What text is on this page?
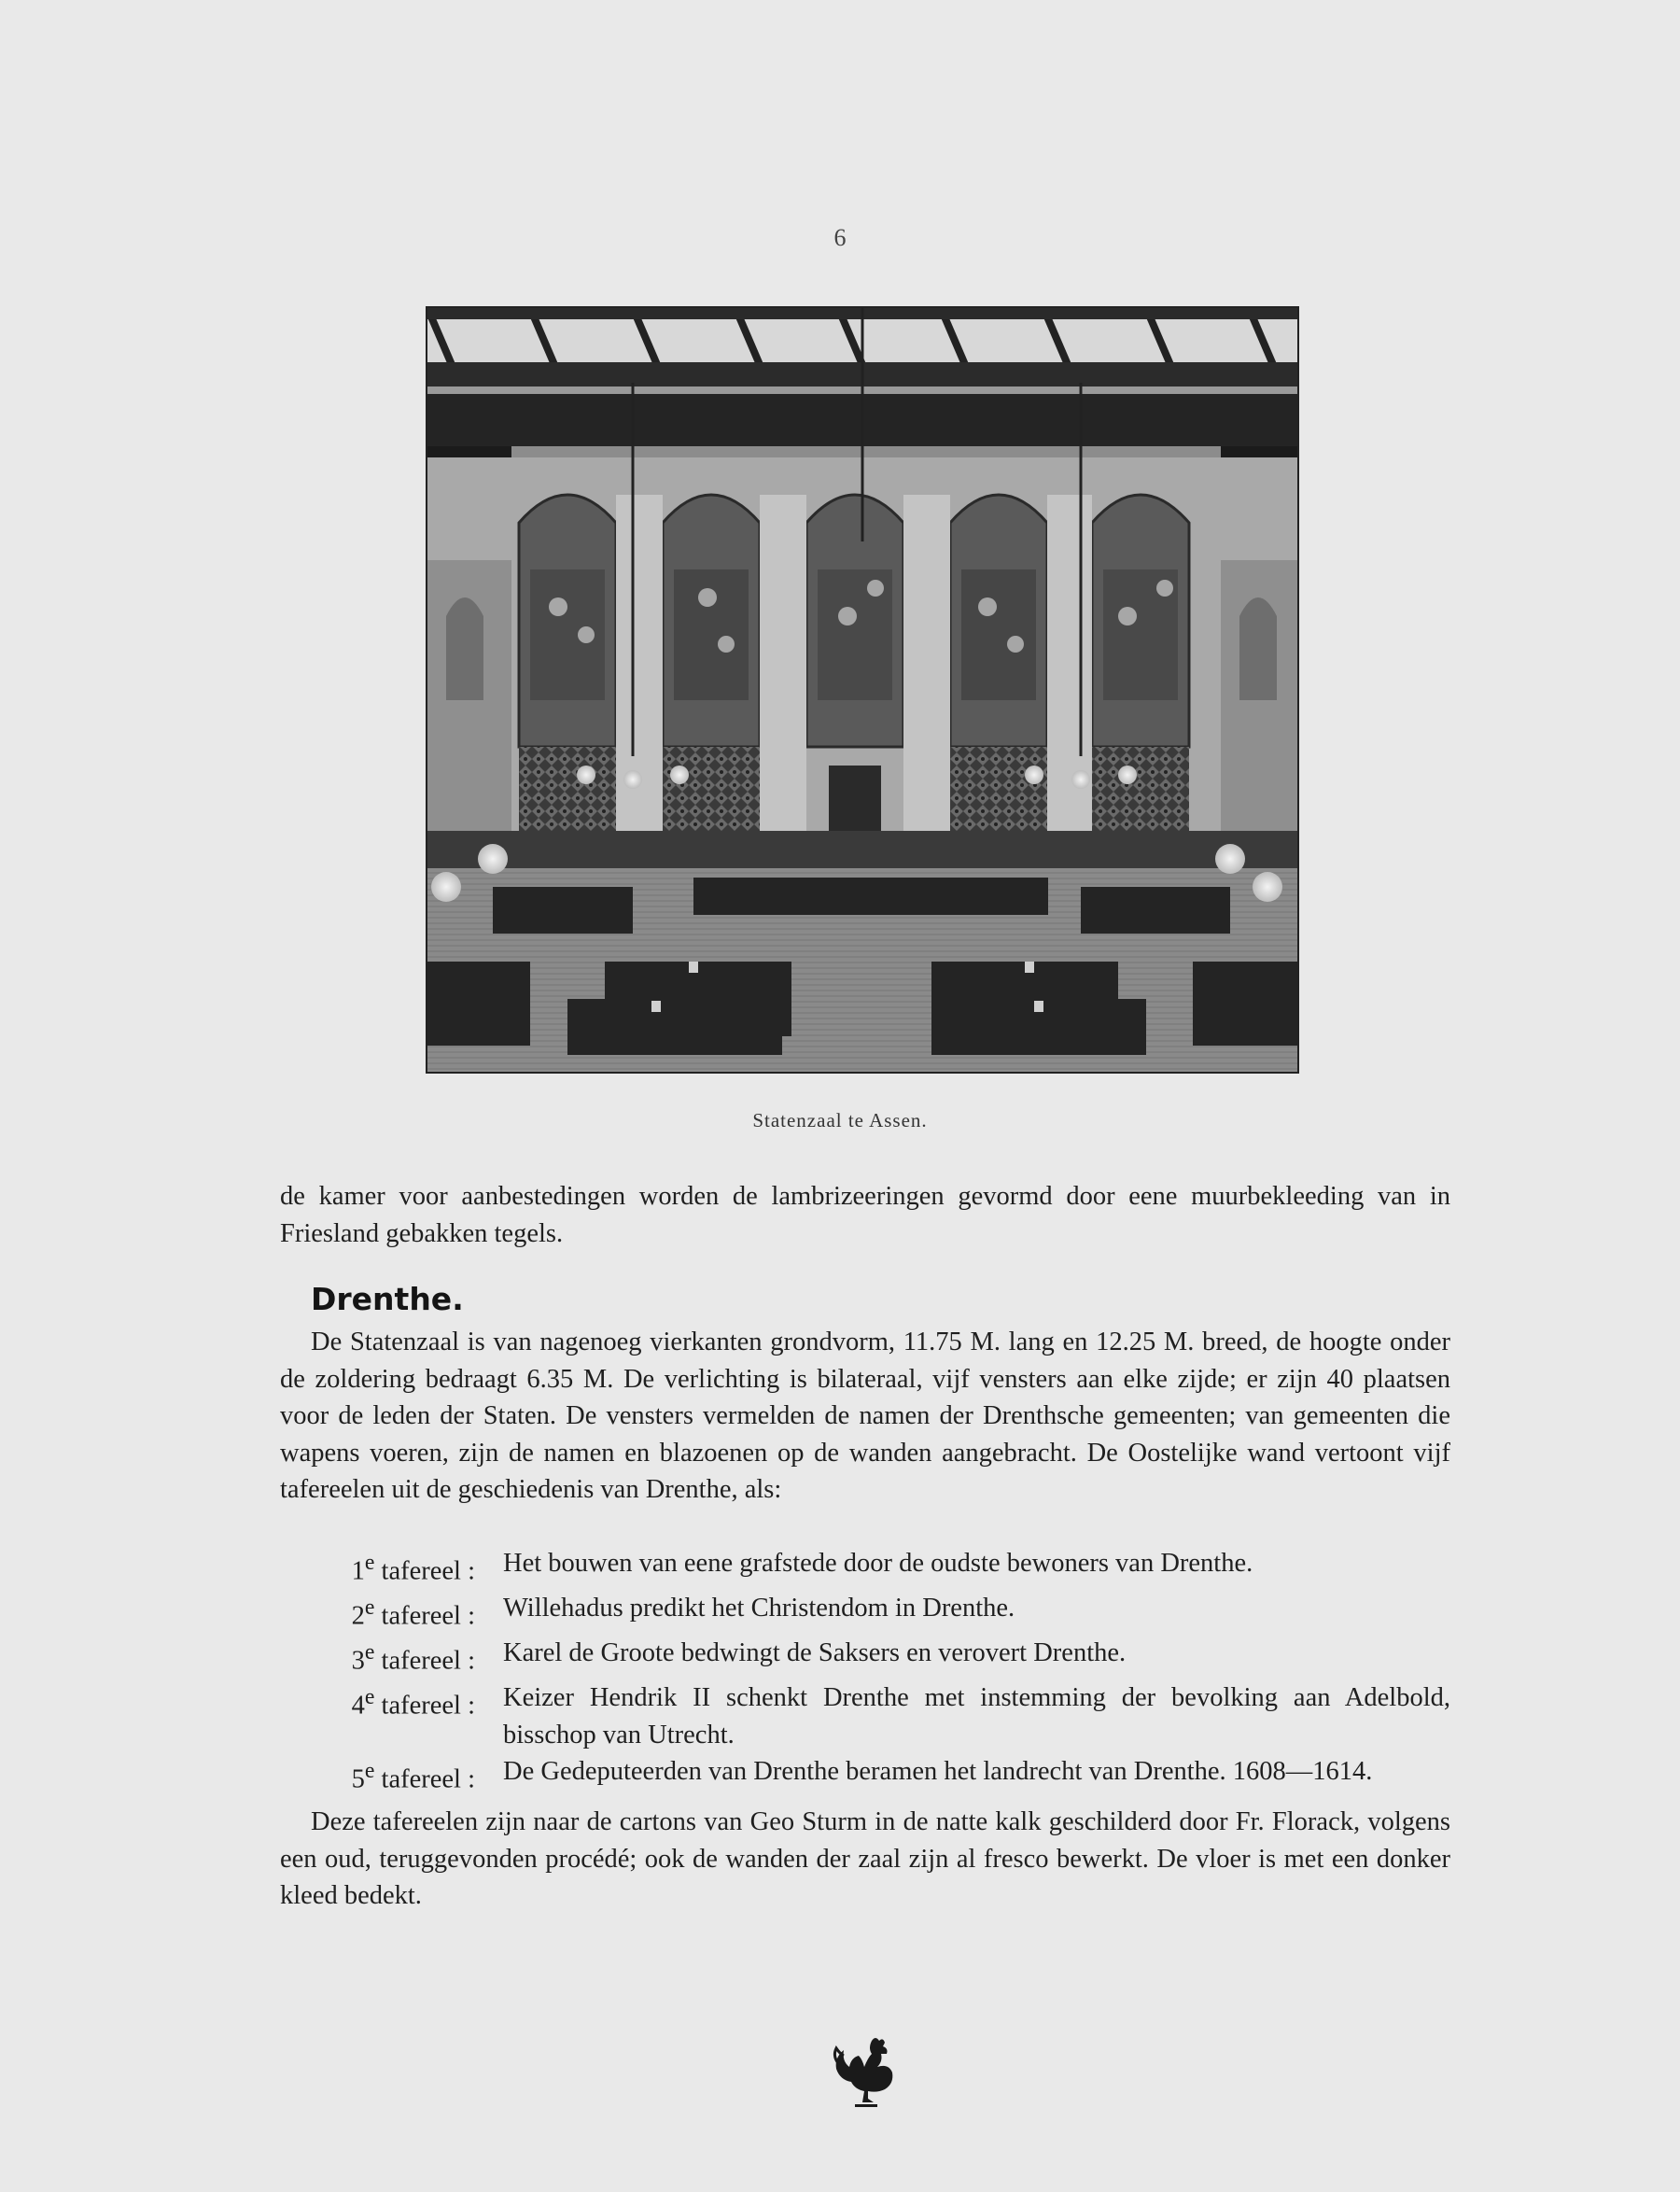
6
Statenzaal te Assen.

de kamer voor aanbestedingen worden de lambrizeeringen gevormd door eene muurbekleeding van in Friesland gebakken tegels.

Drenthe.

De Statenzaal is van nagenoeg vierkanten grondvorm, 11.75 M. lang en 12.25 M. breed, de hoogte onder de zoldering bedraagt 6.35 M. De verlichting is bilateraal, vijf vensters aan elke zijde; er zijn 40 plaatsen voor de leden der Staten. De vensters vermelden de namen der Drenthsche gemeenten; van gemeenten die wapens voeren, zijn de namen en blazoenen op de wanden aangebracht. De Oostelijke wand vertoont vijf tafereelen uit de geschiedenis van Drenthe, als:

1e tafereel : Het bouwen van eene grafstede door de oudste bewoners van Drenthe.
2e tafereel : Willehadus predikt het Christendom in Drenthe.
3e tafereel : Karel de Groote bedwingt de Saksers en verovert Drenthe.
4e tafereel : Keizer Hendrik II schenkt Drenthe met instemming der bevolking aan Adelbold, bisschop van Utrecht.
5e tafereel : De Gedeputeerden van Drenthe beramen het landrecht van Drenthe. 1608—1614.

Deze tafereelen zijn naar de cartons van Geo Sturm in de natte kalk geschilderd door Fr. Florack, volgens een oud, teruggevonden procédé; ook de wanden der zaal zijn al fresco bewerkt. De vloer is met een donker kleed bedekt.
